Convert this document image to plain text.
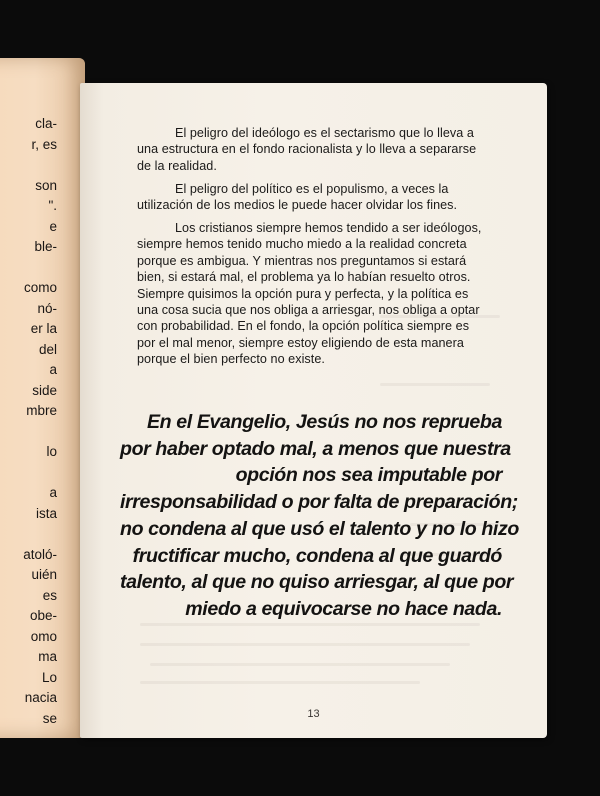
cla-
r, es
son
".
e
ble-
como
nó-
er la
del
a
side
mbre
lo
a
ista
atoló-
uién
es
obe-
omo
ma
Lo
nacia
se

El peligro del ideólogo es el sectarismo que lo lleva a
una estructura en el fondo racionalista y lo lleva a separarse
de la realidad.

El peligro del político es el populismo, a veces la
utilización de los medios le puede hacer olvidar los fines.

Los cristianos siempre hemos tendido a ser ideólogos,
siempre hemos tenido mucho miedo a la realidad concreta
porque es ambigua. Y mientras nos preguntamos si estará
bien, si estará mal, el problema ya lo habían resuelto otros.
Siempre quisimos la opción pura y perfecta, y la política es
una cosa sucia que nos obliga a arriesgar, nos obliga a optar
con probabilidad. En el fondo, la opción política siempre es
por el mal menor, siempre estoy eligiendo de esta manera
porque el bien perfecto no existe.

En el Evangelio, Jesús no nos reprueba
por haber optado mal, a menos que nuestra
opción nos sea imputable por
irresponsabilidad o por falta de preparación;
no condena al que usó el talento y no lo hizo
fructificar mucho, condena al que guardó
talento, al que no quiso arriesgar, al que por
miedo a equivocarse no hace nada.

13
